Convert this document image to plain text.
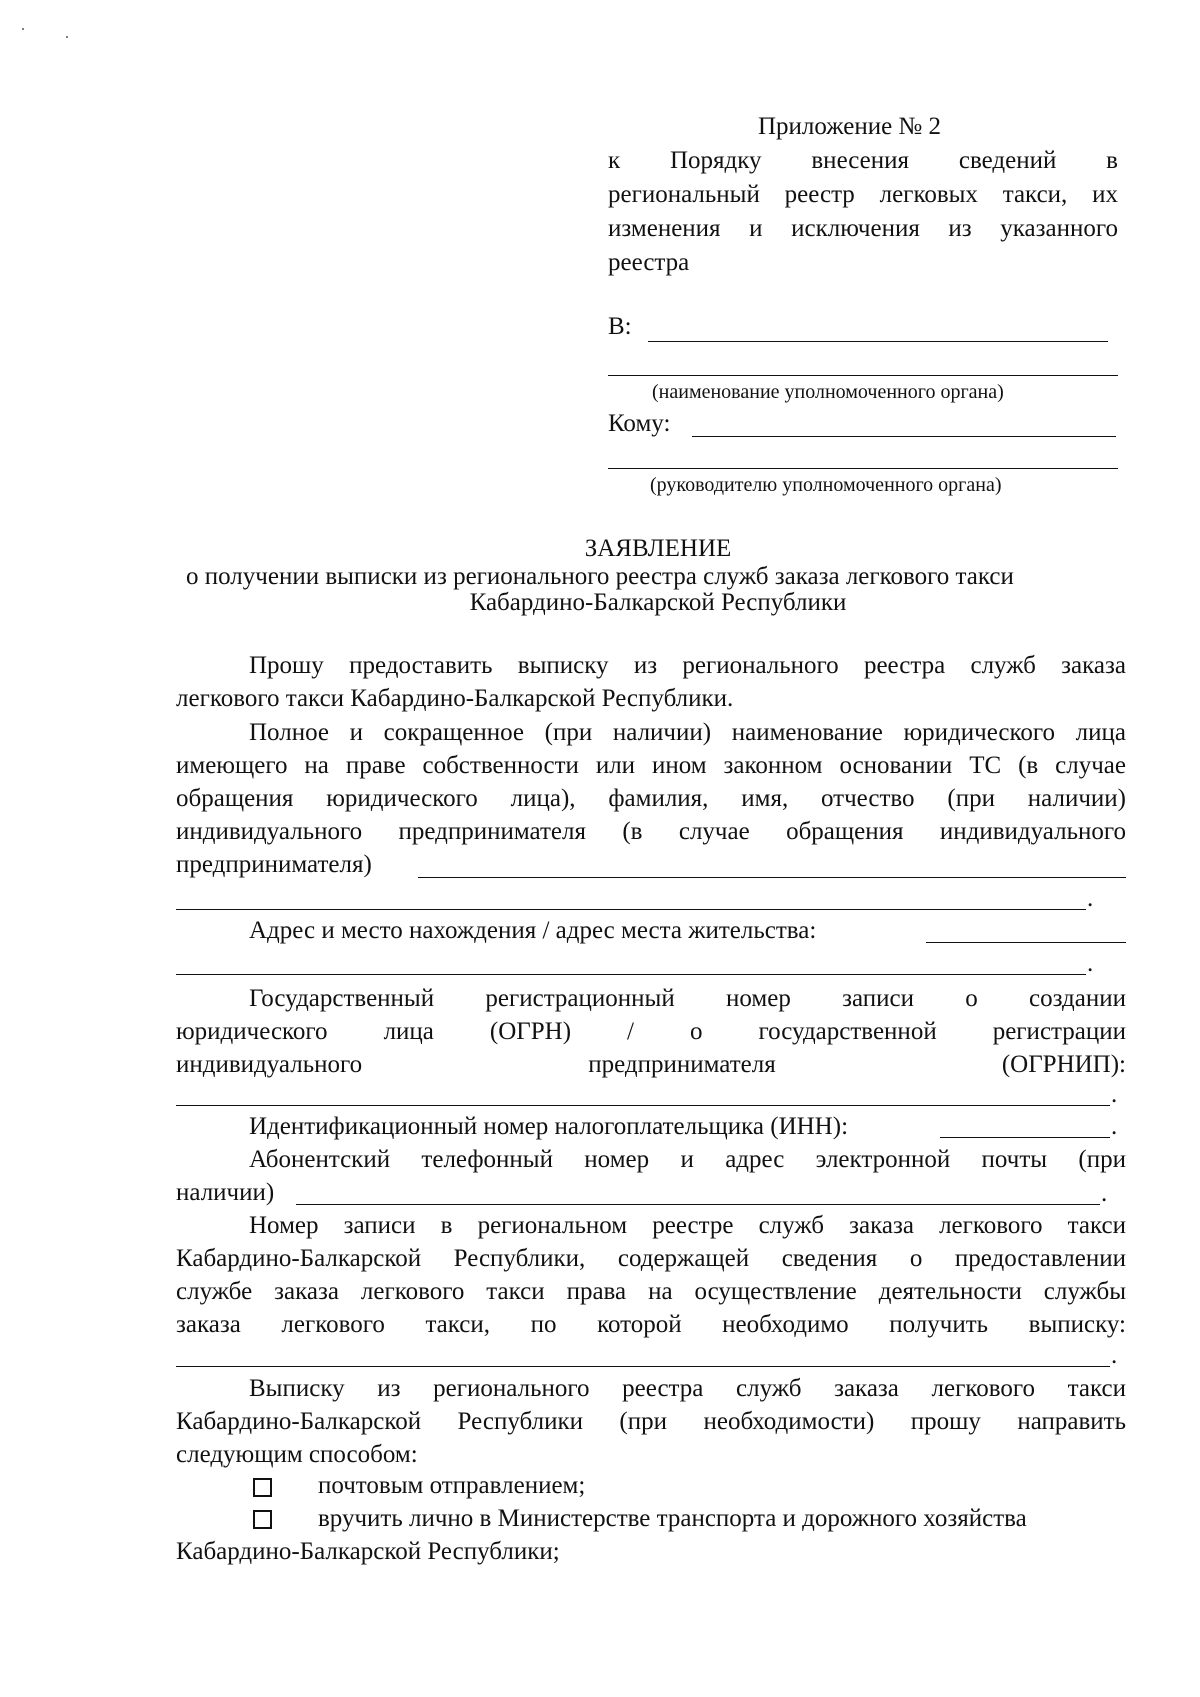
Приложение № 2
к Порядку внесения сведений в
региональный реестр легковых такси, их
изменения и исключения из указанного
реестра
В:
(наименование уполномоченного органа)
Кому:
(руководителю уполномоченного органа)
ЗАЯВЛЕНИЕ
о получении выписки из регионального реестра служб заказа легкового такси
Кабардино-Балкарской Республики
Прошу предоставить выписку из регионального реестра служб заказа
легкового такси Кабардино-Балкарской Республики.
Полное и сокращенное (при наличии) наименование юридического лица
имеющего на праве собственности или ином законном основании ТС (в случае
обращения юридического лица), фамилия, имя, отчество (при наличии)
индивидуального предпринимателя (в случае обращения индивидуального
предпринимателя)
.
Адрес и место нахождения / адрес места жительства:
.
Государственный регистрационный номер записи о создании
юридического лица (ОГРН) / о государственной регистрации
индивидуального предпринимателя (ОГРНИП):
.
Идентификационный номер налогоплательщика (ИНН):	.
Абонентский телефонный номер и адрес электронной почты (при
наличии)	.
Номер записи в региональном реестре служб заказа легкового такси
Кабардино-Балкарской Республики, содержащей сведения о предоставлении
службе заказа легкового такси права на осуществление деятельности службы
заказа легкового такси, по которой необходимо получить выписку:
.
Выписку из регионального реестра служб заказа легкового такси
Кабардино-Балкарской Республики (при необходимости) прошу направить
следующим способом:
почтовым отправлением;
вручить лично в Министерстве транспорта и дорожного хозяйства
Кабардино-Балкарской Республики;
